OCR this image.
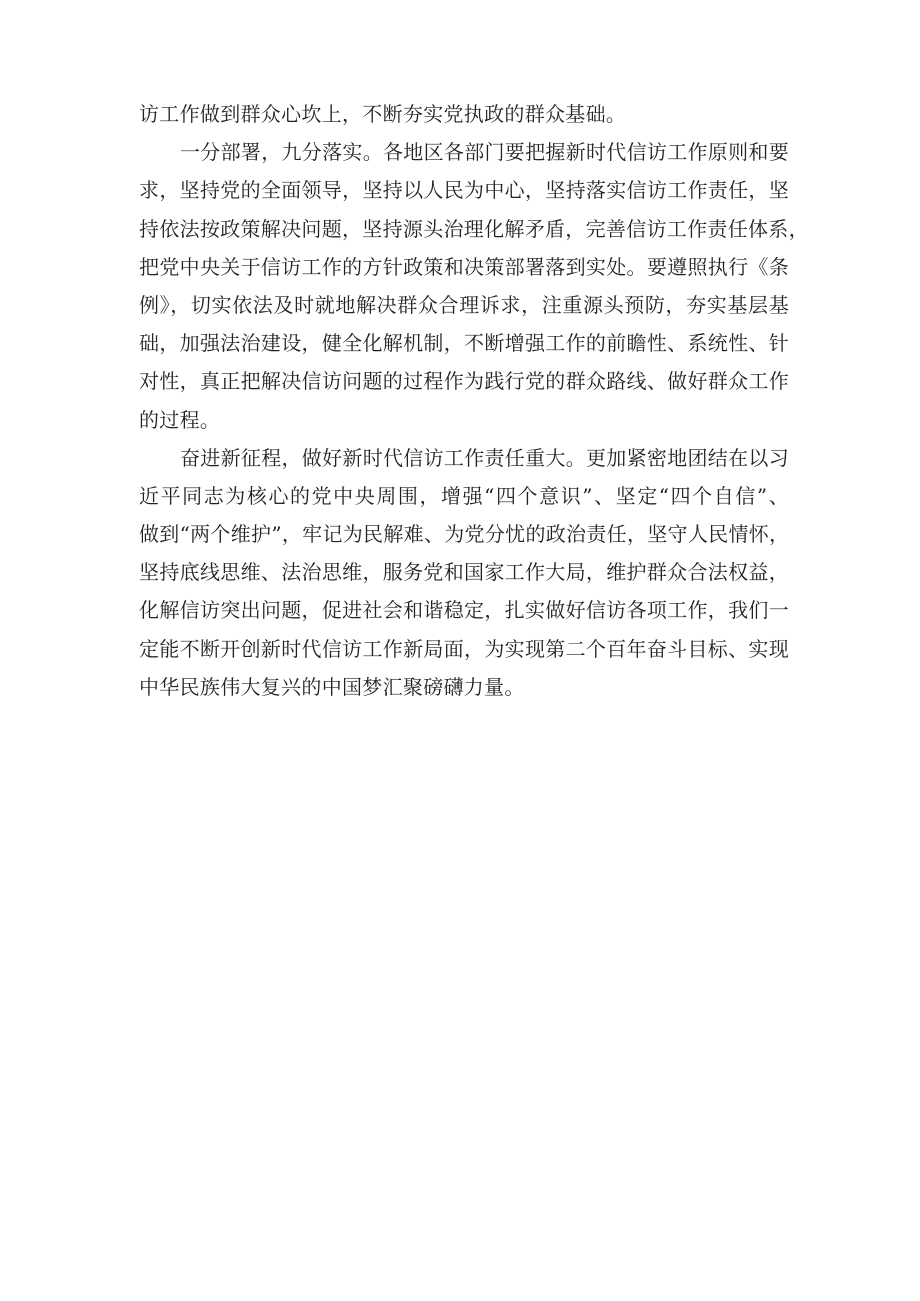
访工作做到群众心坎上，不断夯实党执政的群众基础。
一分部署，九分落实。各地区各部门要把握新时代信访工作原则和要
求，坚持党的全面领导，坚持以人民为中心，坚持落实信访工作责任，坚
持依法按政策解决问题，坚持源头治理化解矛盾，完善信访工作责任体系，
把党中央关于信访工作的方针政策和决策部署落到实处。要遵照执行《条
例》，切实依法及时就地解决群众合理诉求，注重源头预防，夯实基层基
础，加强法治建设，健全化解机制，不断增强工作的前瞻性、系统性、针
对性，真正把解决信访问题的过程作为践行党的群众路线、做好群众工作
的过程。
奋进新征程，做好新时代信访工作责任重大。更加紧密地团结在以习
近平同志为核心的党中央周围，增强“四个意识”、坚定“四个自信”、
做到“两个维护”，牢记为民解难、为党分忧的政治责任，坚守人民情怀，
坚持底线思维、法治思维，服务党和国家工作大局，维护群众合法权益，
化解信访突出问题，促进社会和谐稳定，扎实做好信访各项工作，我们一
定能不断开创新时代信访工作新局面，为实现第二个百年奋斗目标、实现
中华民族伟大复兴的中国梦汇聚磅礴力量。
